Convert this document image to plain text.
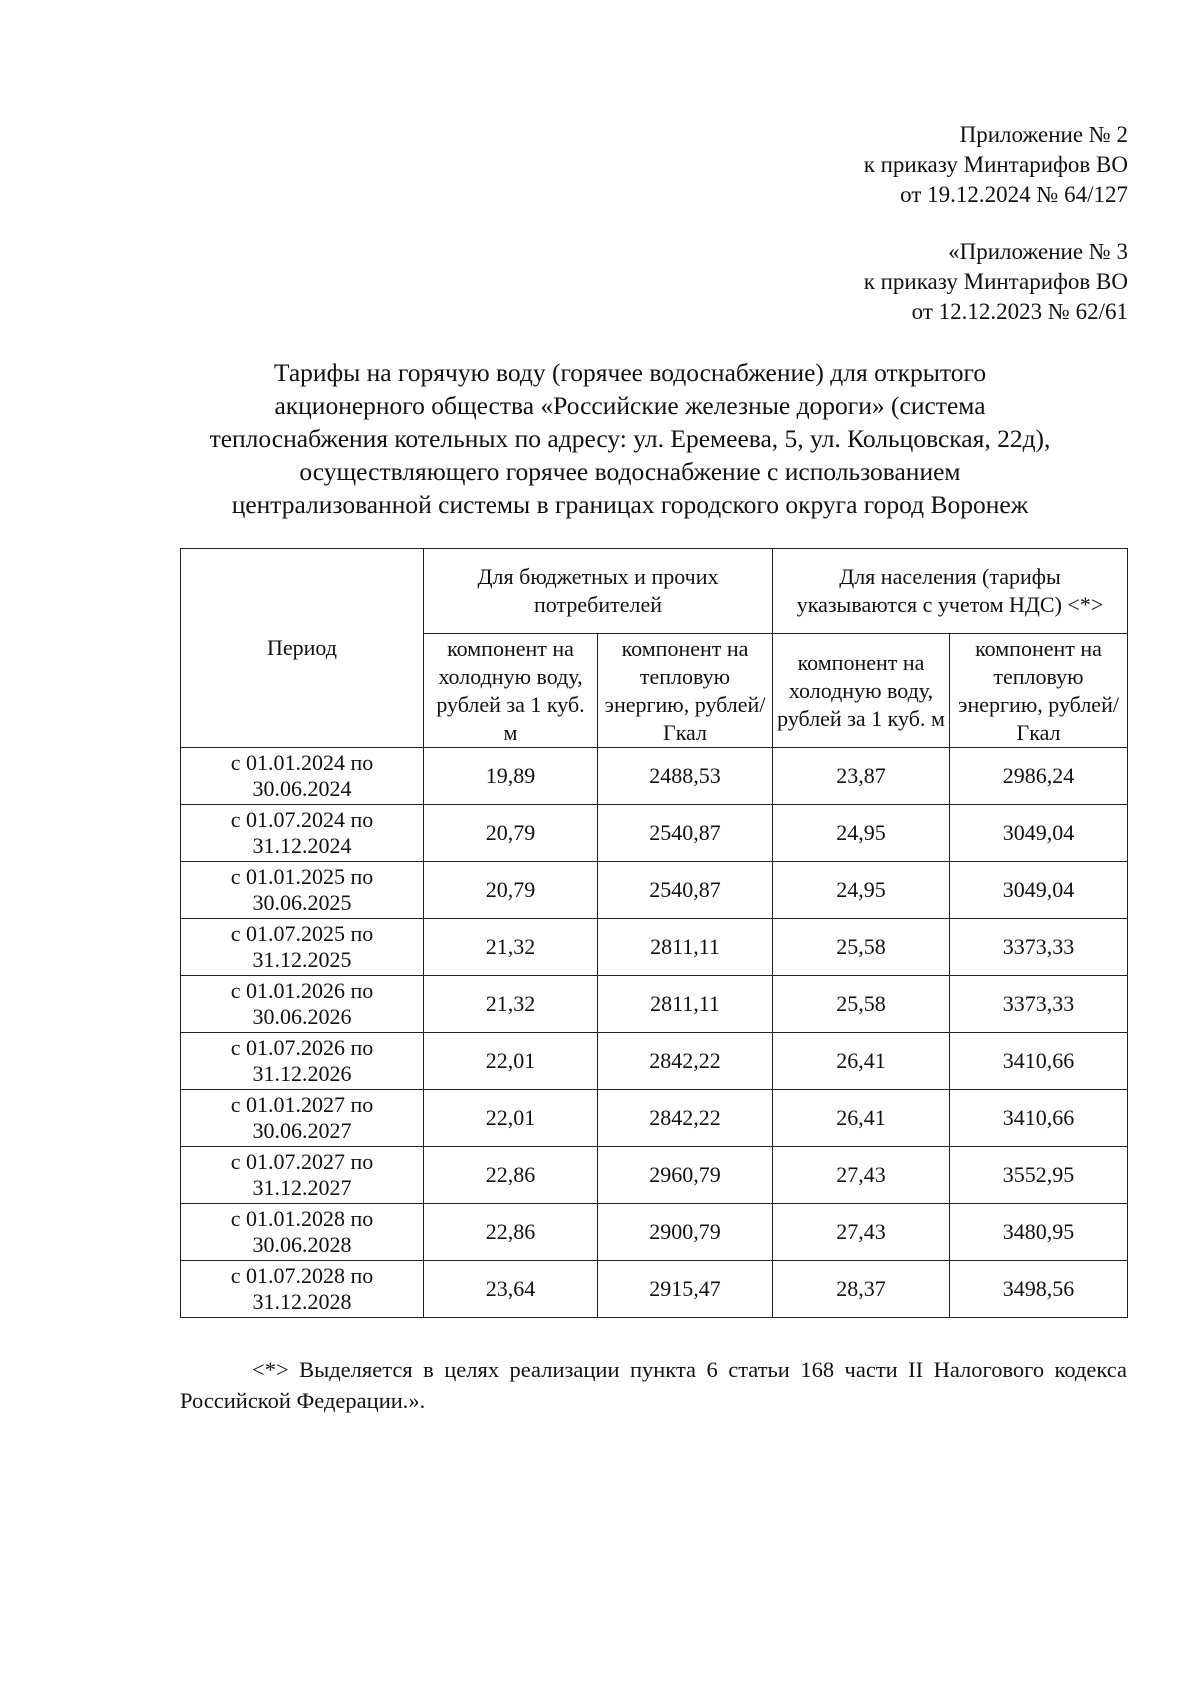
Приложение № 2
к приказу Минтарифов ВО
от 19.12.2024 № 64/127
«Приложение № 3
к приказу Минтарифов ВО
от 12.12.2023 № 62/61
Тарифы на горячую воду (горячее водоснабжение) для открытого
акционерного общества «Российские железные дороги» (система
теплоснабжения котельных по адресу: ул. Еремеева, 5, ул. Кольцовская, 22д),
осуществляющего горячее водоснабжение с использованием
централизованной системы в границах городского округа город Воронеж
Период	Для бюджетных и прочих потребителей		Для населения (тарифы указываются с учетом НДС) <*>	
	компонент на холодную воду, рублей за 1 куб. м	компонент на тепловую энергию, рублей/Гкал	компонент на холодную воду, рублей за 1 куб. м	компонент на тепловую энергию, рублей/Гкал

с 01.01.2024 по
30.06.2024	19,89	2488,53	23,87	2986,24

с 01.07.2024 по
31.12.2024	20,79	2540,87	24,95	3049,04

с 01.01.2025 по
30.06.2025	20,79	2540,87	24,95	3049,04

с 01.07.2025 по
31.12.2025	21,32	2811,11	25,58	3373,33

с 01.01.2026 по
30.06.2026	21,32	2811,11	25,58	3373,33

с 01.07.2026 по
31.12.2026	22,01	2842,22	26,41	3410,66

с 01.01.2027 по
30.06.2027	22,01	2842,22	26,41	3410,66

с 01.07.2027 по
31.12.2027	22,86	2960,79	27,43	3552,95

с 01.01.2028 по
30.06.2028	22,86	2900,79	27,43	3480,95

с 01.07.2028 по
31.12.2028	23,64	2915,47	28,37	3498,56
<*> Выделяется в целях реализации пункта 6 статьи 168 части II Налогового кодекса Российской Федерации.».
